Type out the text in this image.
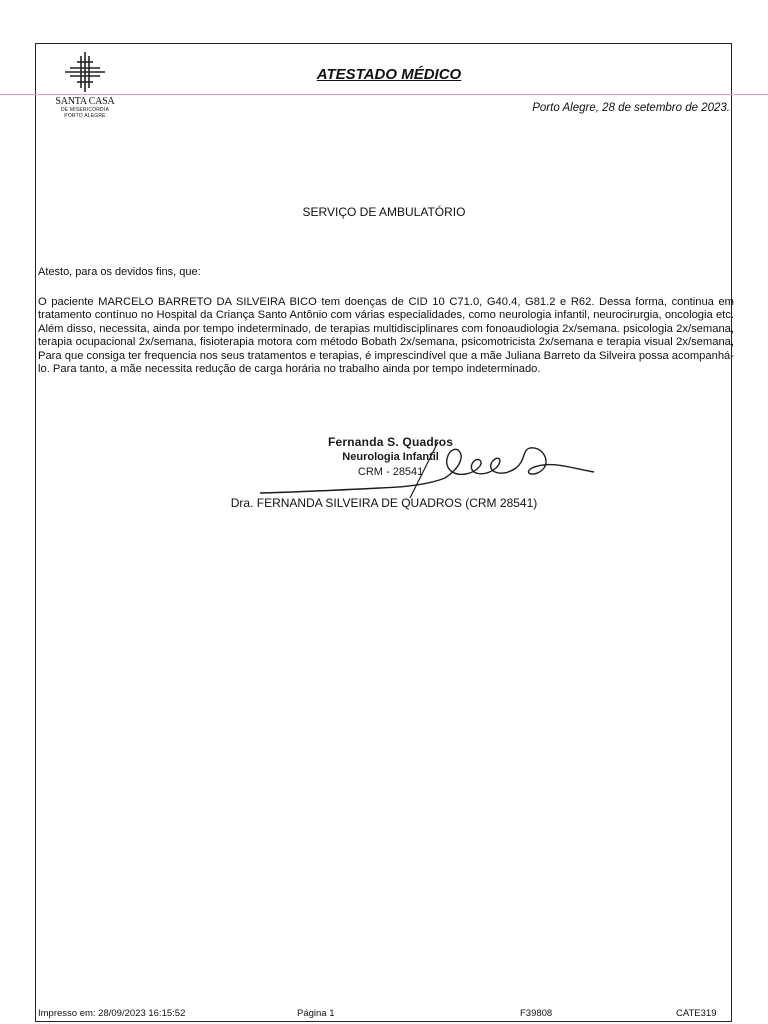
SANTA CASA
DE MISERICÓRDIA
PORTO ALEGRE
ATESTADO MÉDICO
Porto Alegre, 28 de setembro de 2023.
SERVIÇO DE AMBULATÓRIO
Atesto, para os devidos fins, que:

O paciente MARCELO BARRETO DA SILVEIRA BICO tem doenças de CID 10 C71.0, G40.4, G81.2 e R62. Dessa forma, continua em tratamento contínuo no Hospital da Criança Santo Antônio com várias especialidades, como neurologia infantil, neurocirurgia, oncologia etc. Além disso, necessita, ainda por tempo indeterminado, de terapias multidisciplinares com fonoaudiologia 2x/semana. psicologia 2x/semana, terapia ocupacional 2x/semana, fisioterapia motora com método Bobath 2x/semana, psicomotricista 2x/semana e terapia visual 2x/semana, Para que consiga ter frequencia nos seus tratamentos e terapias, é imprescindível que a mãe Juliana Barreto da Silveira possa acompanhá-lo. Para tanto, a mãe necessita redução de carga horária no trabalho ainda por tempo indeterminado.

Fernanda S. Quadros
Neurologia Infantil
CRM - 28541
Dra. FERNANDA SILVEIRA DE QUADROS (CRM 28541)
Impresso em: 28/09/2023 16:15:52	Página 1	F39808	CATE319
